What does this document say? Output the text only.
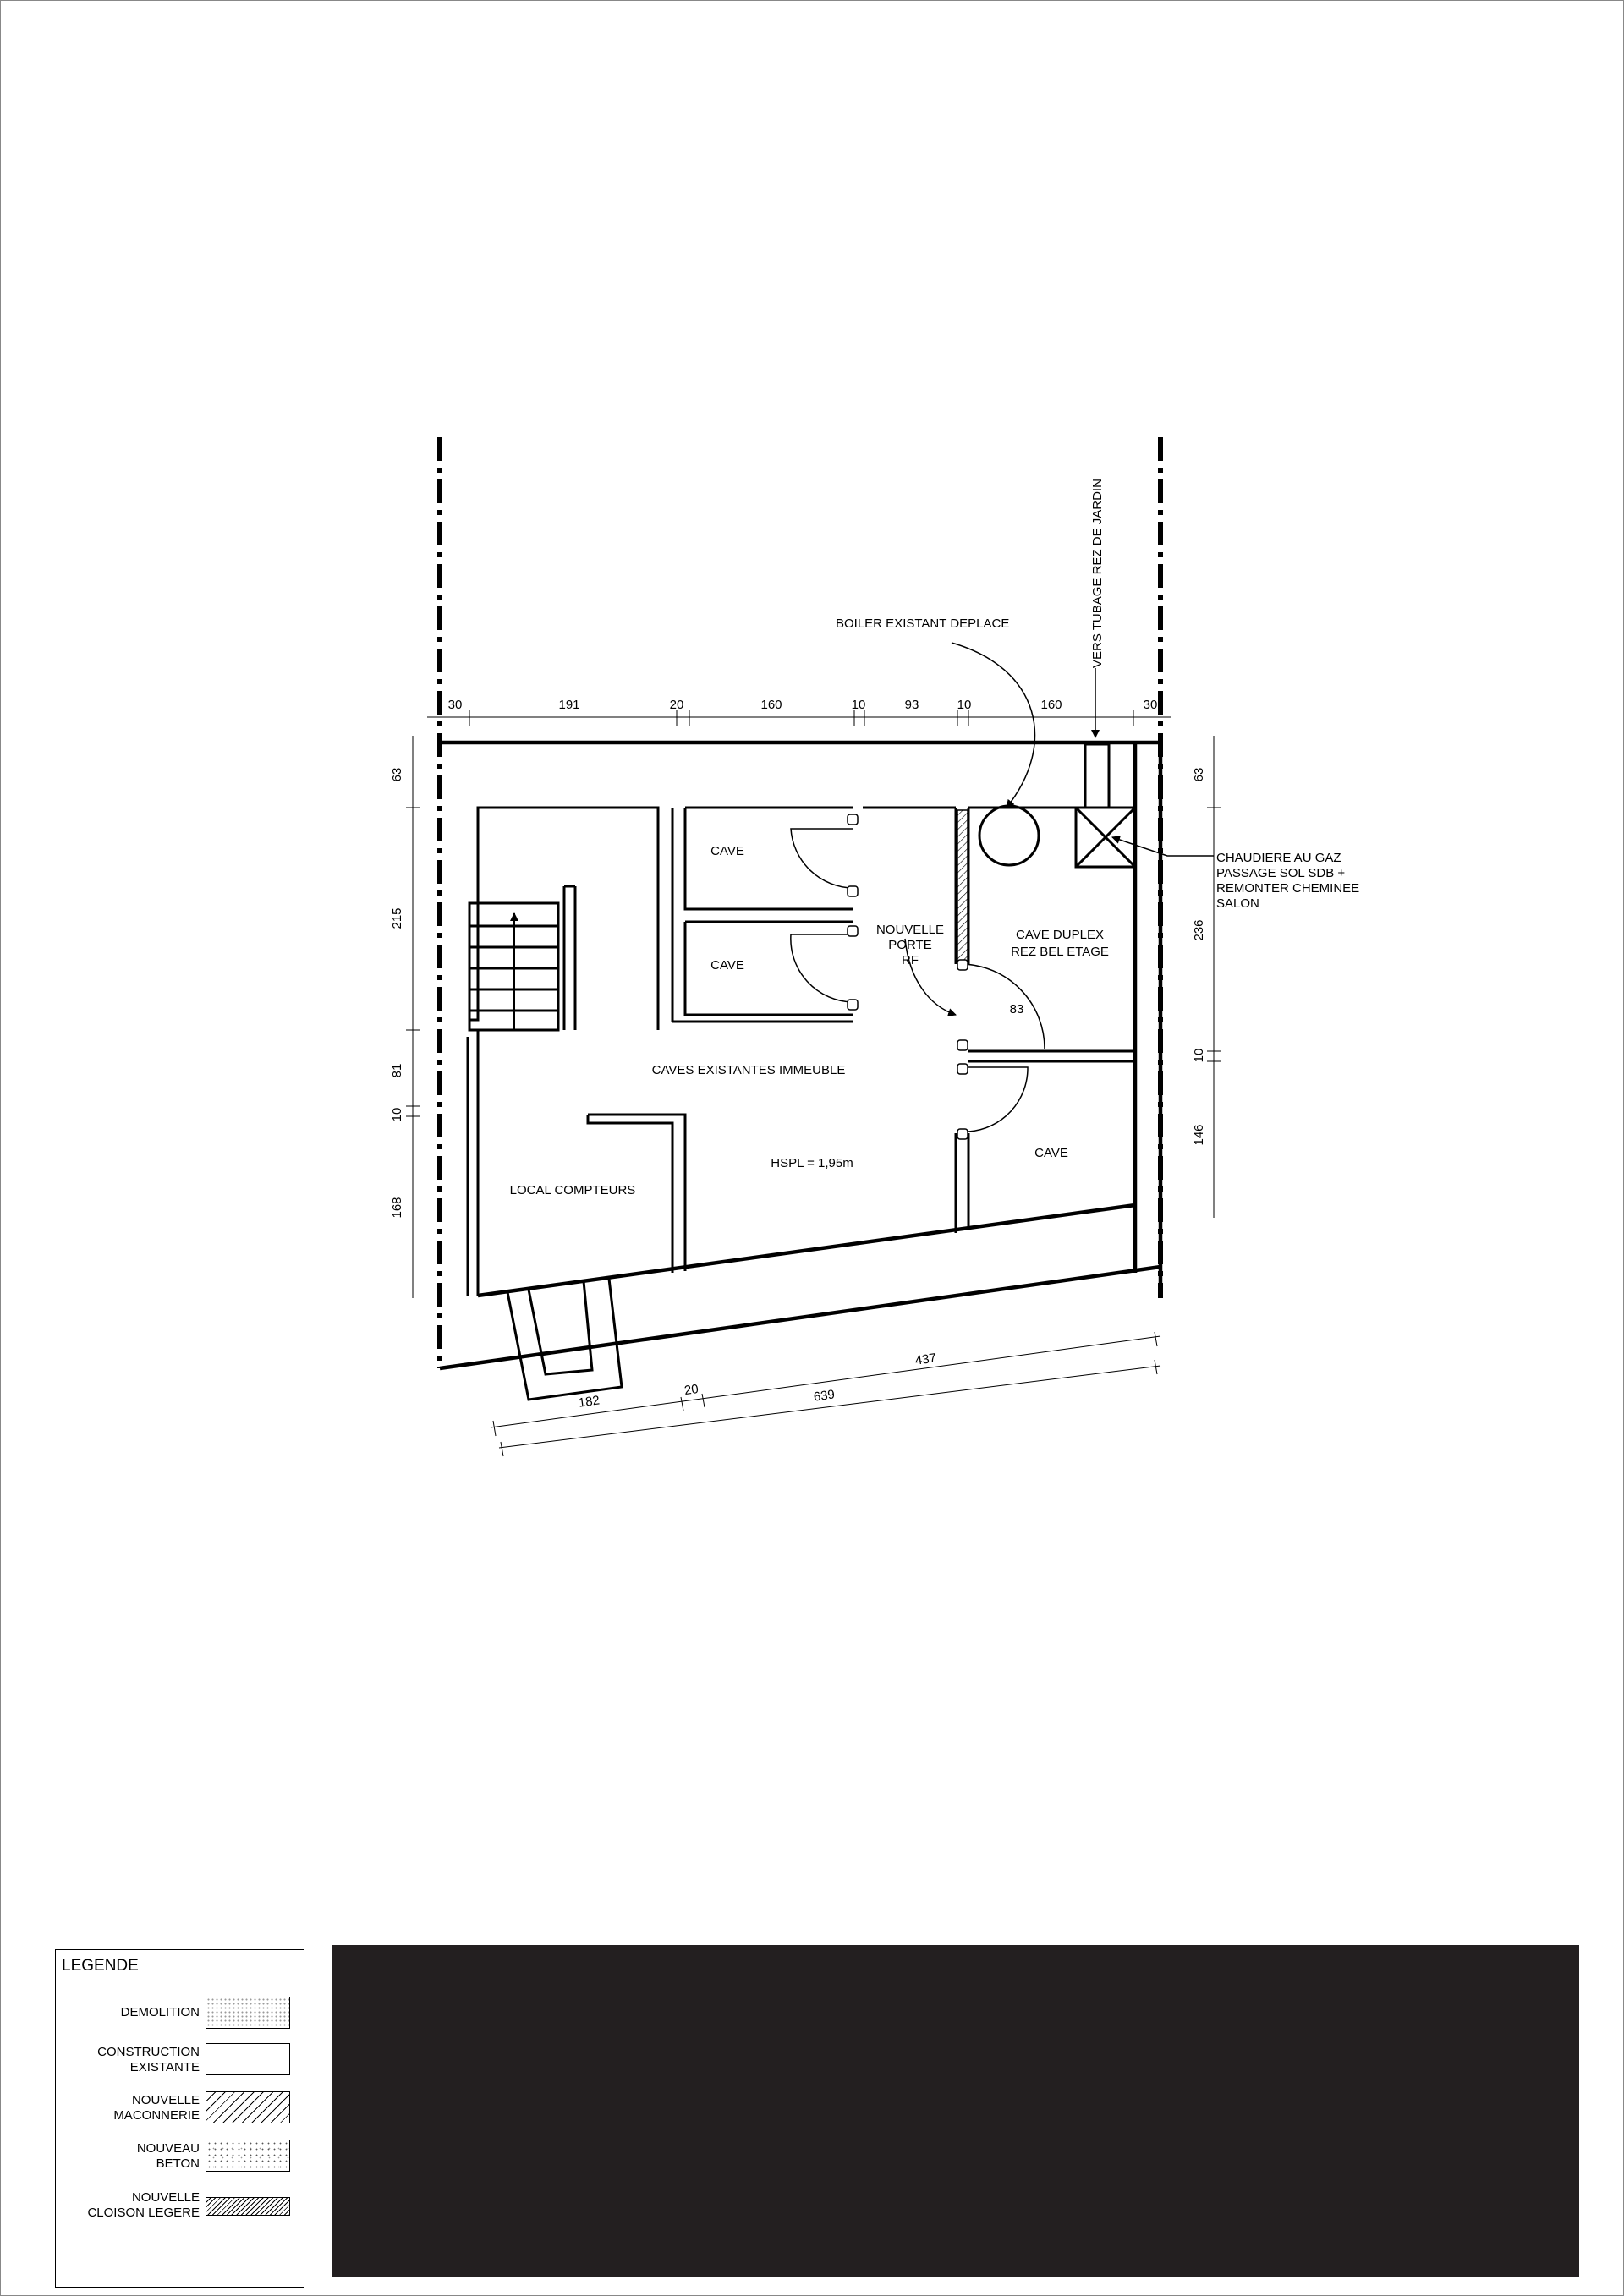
30	191	20	160	10	93	10	160	30
63
215
81
10
168
63
236
10
146
182
20	639
437
CAVE
CAVE
NOUVELLE
PORTE
RF
CAVE DUPLEX
REZ BEL ETAGE
83
CAVES EXISTANTES IMMEUBLE
HSPL = 1,95m
LOCAL COMPTEURS
CAVE
BOILER EXISTANT DEPLACE	VERS TUBAGE REZ DE JARDIN
CHAUDIERE AU GAZ
PASSAGE SOL SDB +
REMONTER CHEMINEE
SALON
LEGENDE
DEMOLITION
CONSTRUCTION
EXISTANTE
NOUVELLE
MACONNERIE
NOUVEAU
BETON
NOUVELLE
CLOISON LEGERE
